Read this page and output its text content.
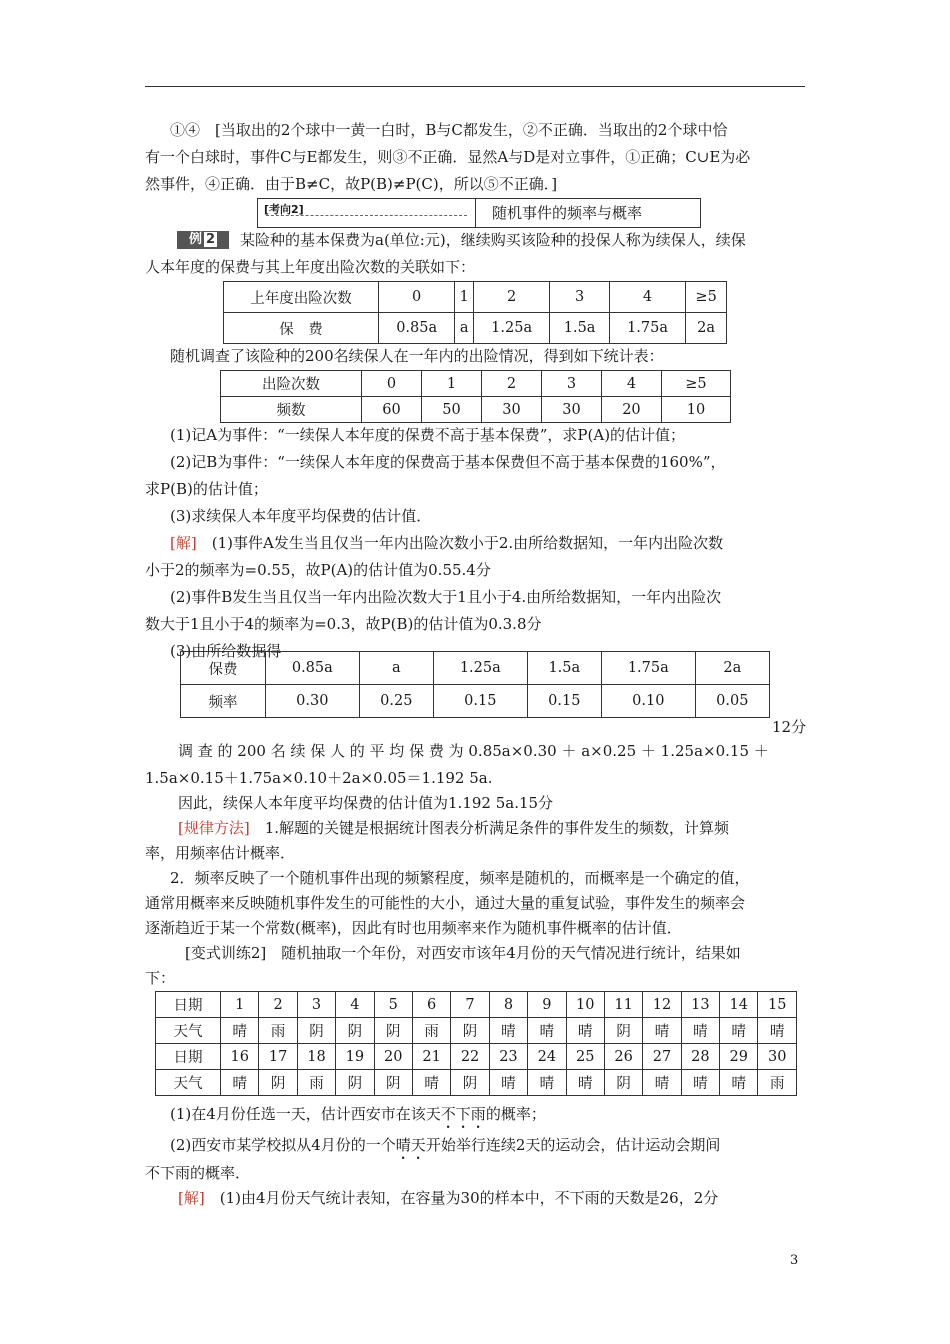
①④　[当取出的2个球中一黄一白时，B与C都发生，②不正确．当取出的2个球中恰

有一个白球时，事件C与E都发生，则③不正确．显然A与D是对立事件，①正确；C∪E为必

然事件，④正确．由于B≠C，故P(B)≠P(C)，所以⑤不正确．]

[考向2]	随机事件的频率与概率
例 2	某险种的基本保费为a(单位:元)，继续购买该险种的投保人称为续保人，续保

人本年度的保费与其上年度出险次数的关联如下：

上年度出险次数	0	1	2	3	4	≥5
保　费	0.85a	a	1.25a	1.5a	1.75a	2a

随机调查了该险种的200名续保人在一年内的出险情况，得到如下统计表：

出险次数	0	1	2	3	4	≥5
频数	60	50	30	30	20	10

(1)记A为事件：“一续保人本年度的保费不高于基本保费”，求P(A)的估计值；

(2)记B为事件：“一续保人本年度的保费高于基本保费但不高于基本保费的160%”，

求P(B)的估计值；

(3)求续保人本年度平均保费的估计值．

[解]　 (1)事件A发生当且仅当一年内出险次数小于2.由所给数据知，一年内出险次数

小于2的频率为=0.55，故P(A)的估计值为0.55.4分

(2)事件B发生当且仅当一年内出险次数大于1且小于4.由所给数据知，一年内出险次

数大于1且小于4的频率为=0.3，故P(B)的估计值为0.3.8分

(3)由所给数据得

保费	0.85a	a	1.25a	1.5a	1.75a	2a
频率	0.30	0.25	0.15	0.15	0.10	0.05
12分

调 查 的 200 名 续 保 人 的 平 均 保 费 为 0.85a×0.30 ＋ a×0.25 ＋ 1.25a×0.15 ＋

1.5a×0.15＋1.75a×0.10＋2a×0.05＝1.192 5a.

因此，续保人本年度平均保费的估计值为1.192 5a.15分

[规律方法]　 1.解题的关键是根据统计图表分析满足条件的事件发生的频数，计算频

率，用频率估计概率．

2．频率反映了一个随机事件出现的频繁程度，频率是随机的，而概率是一个确定的值，

通常用概率来反映随机事件发生的可能性的大小，通过大量的重复试验，事件发生的频率会

逐渐趋近于某一个常数(概率)，因此有时也用频率来作为随机事件概率的估计值．

[变式训练2]　随机抽取一个年份，对西安市该年4月份的天气情况进行统计，结果如

下：

日期	1	2	3	4	5	6	7	8	9	10	11	12	13	14	15
天气	晴	雨	阴	阴	阴	雨	阴	晴	晴	晴	阴	晴	晴	晴	晴
日期	16	17	18	19	20	21	22	23	24	25	26	27	28	29	30
天气	晴	阴	雨	阴	阴	晴	阴	晴	晴	晴	阴	晴	晴	晴	雨

(1)在4月份任选一天，估计西安市在该天不下雨的概率；

(2)西安市某学校拟从4月份的一个晴天开始举行连续2天的运动会，估计运动会期间

不下雨的概率．

[解]　 (1)由4月份天气统计表知，在容量为30的样本中，不下雨的天数是26，2分

3
